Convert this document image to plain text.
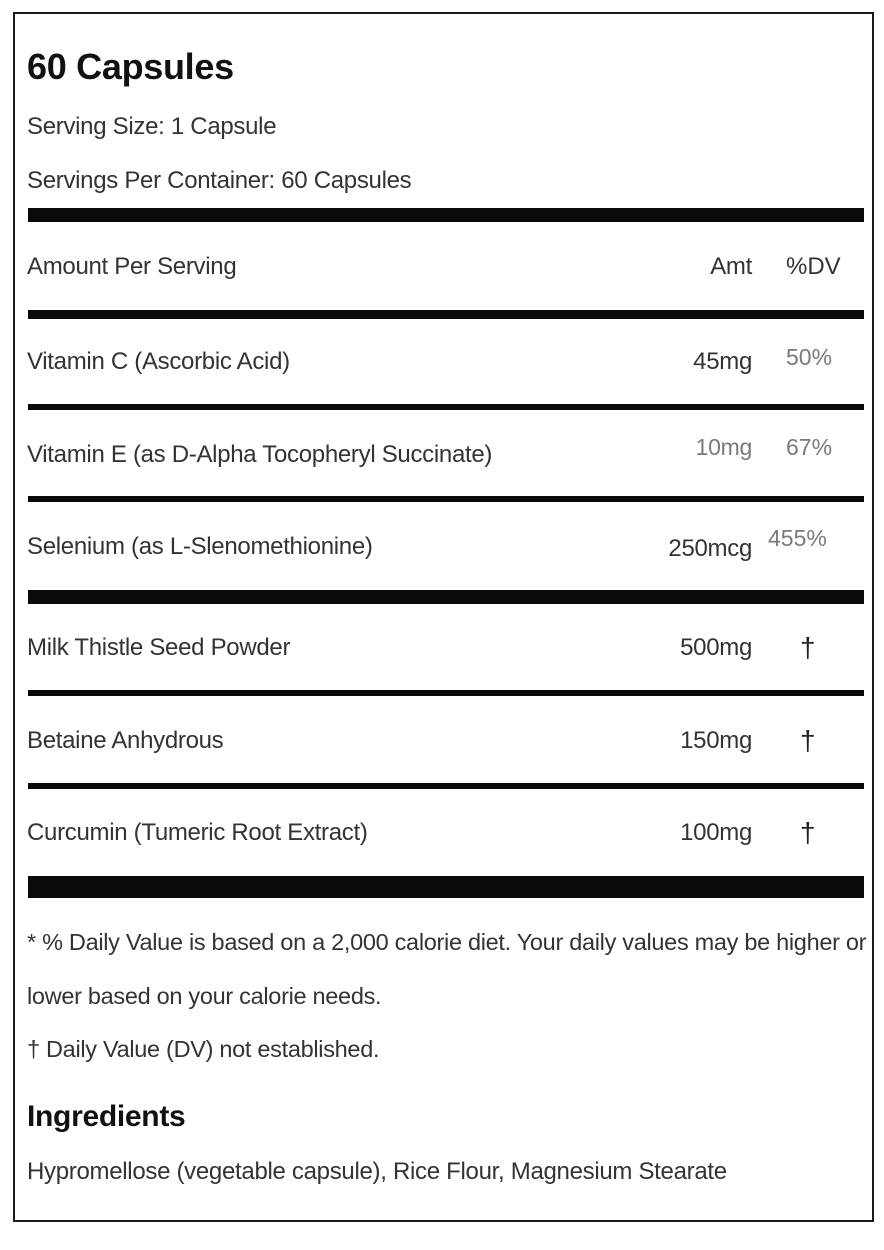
60 Capsules
Serving Size: 1 Capsule
Servings Per Container: 60 Capsules
Amount Per Serving	Amt %DV
Vitamin C (Ascorbic Acid)	45mg 50%
Vitamin E (as D-Alpha Tocopheryl Succinate)	10mg 67%
Selenium (as L-Slenomethionine)	250mcg 455%
Milk Thistle Seed Powder	500mg †
Betaine Anhydrous	150mg †
Curcumin (Tumeric Root Extract)	100mg †
* % Daily Value is based on a 2,000 calorie diet. Your daily values may be higher or
lower based on your calorie needs.
† Daily Value (DV) not established.
Ingredients
Hypromellose (vegetable capsule), Rice Flour, Magnesium Stearate
